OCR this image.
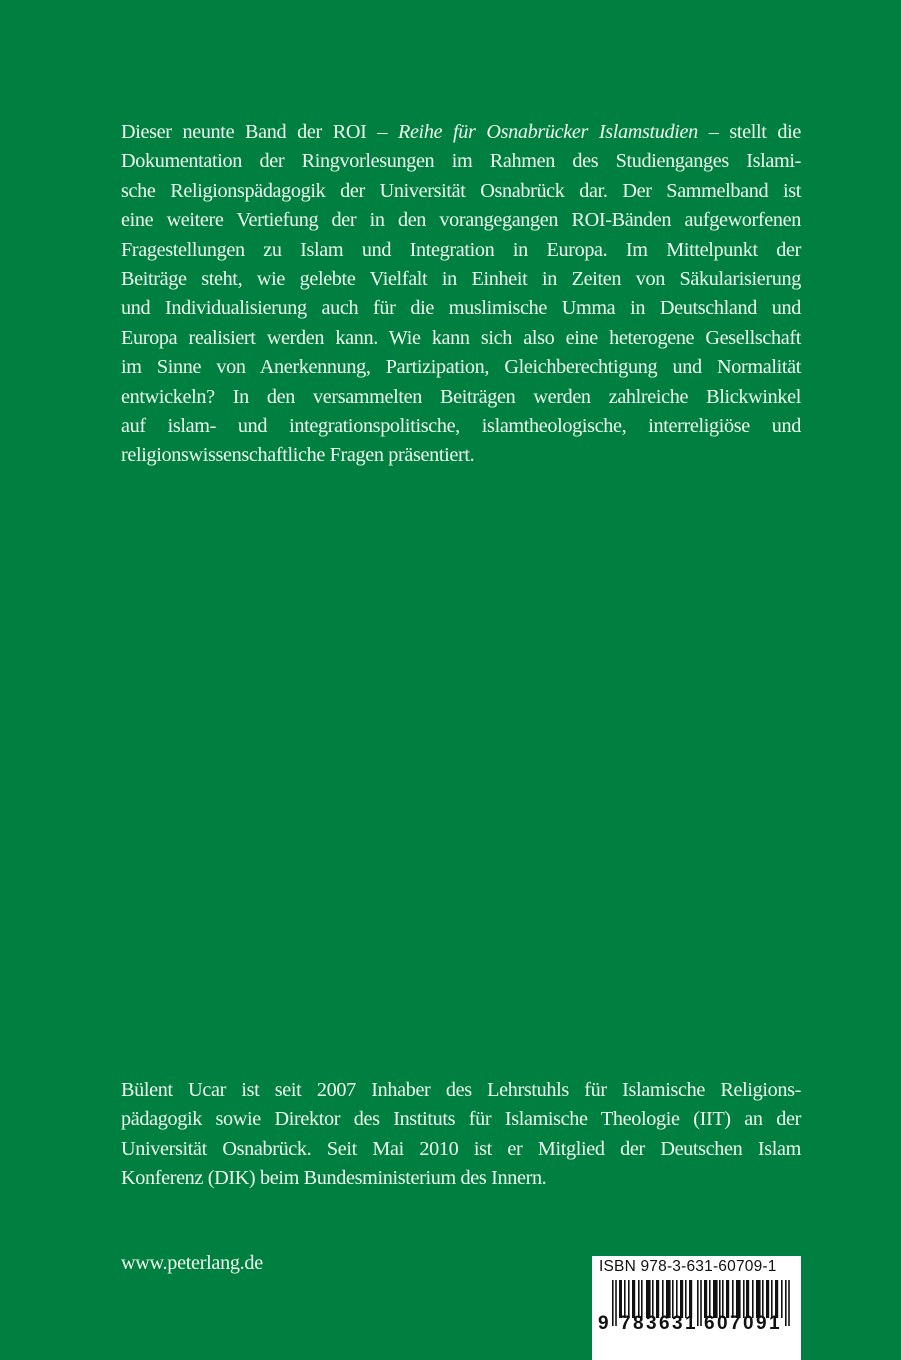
Dieser neunte Band der ROI – Reihe für Osnabrücker Islamstudien – stellt die
Dokumentation der Ringvorlesungen im Rahmen des Studienganges Islami-
sche Religionspädagogik der Universität Osnabrück dar. Der Sammelband ist
eine weitere Vertiefung der in den vorangegangen ROI-Bänden aufgeworfenen
Fragestellungen zu Islam und Integration in Europa. Im Mittelpunkt der
Beiträge steht, wie gelebte Vielfalt in Einheit in Zeiten von Säkularisierung
und Individualisierung auch für die muslimische Umma in Deutschland und
Europa realisiert werden kann. Wie kann sich also eine heterogene Gesellschaft
im Sinne von Anerkennung, Partizipation, Gleichberechtigung und Normalität
entwickeln? In den versammelten Beiträgen werden zahlreiche Blickwinkel
auf islam- und integrationspolitische, islamtheologische, interreligiöse und
religionswissenschaftliche Fragen präsentiert.
Bülent Ucar ist seit 2007 Inhaber des Lehrstuhls für Islamische Religions-
pädagogik sowie Direktor des Instituts für Islamische Theologie (IIT) an der
Universität Osnabrück. Seit Mai 2010 ist er Mitglied der Deutschen Islam
Konferenz (DIK) beim Bundesministerium des Innern.
www.peterlang.de	ISBN 978-3-631-60709-1
9 7 8 3 6 3 1 6 0 7 0 9 1
